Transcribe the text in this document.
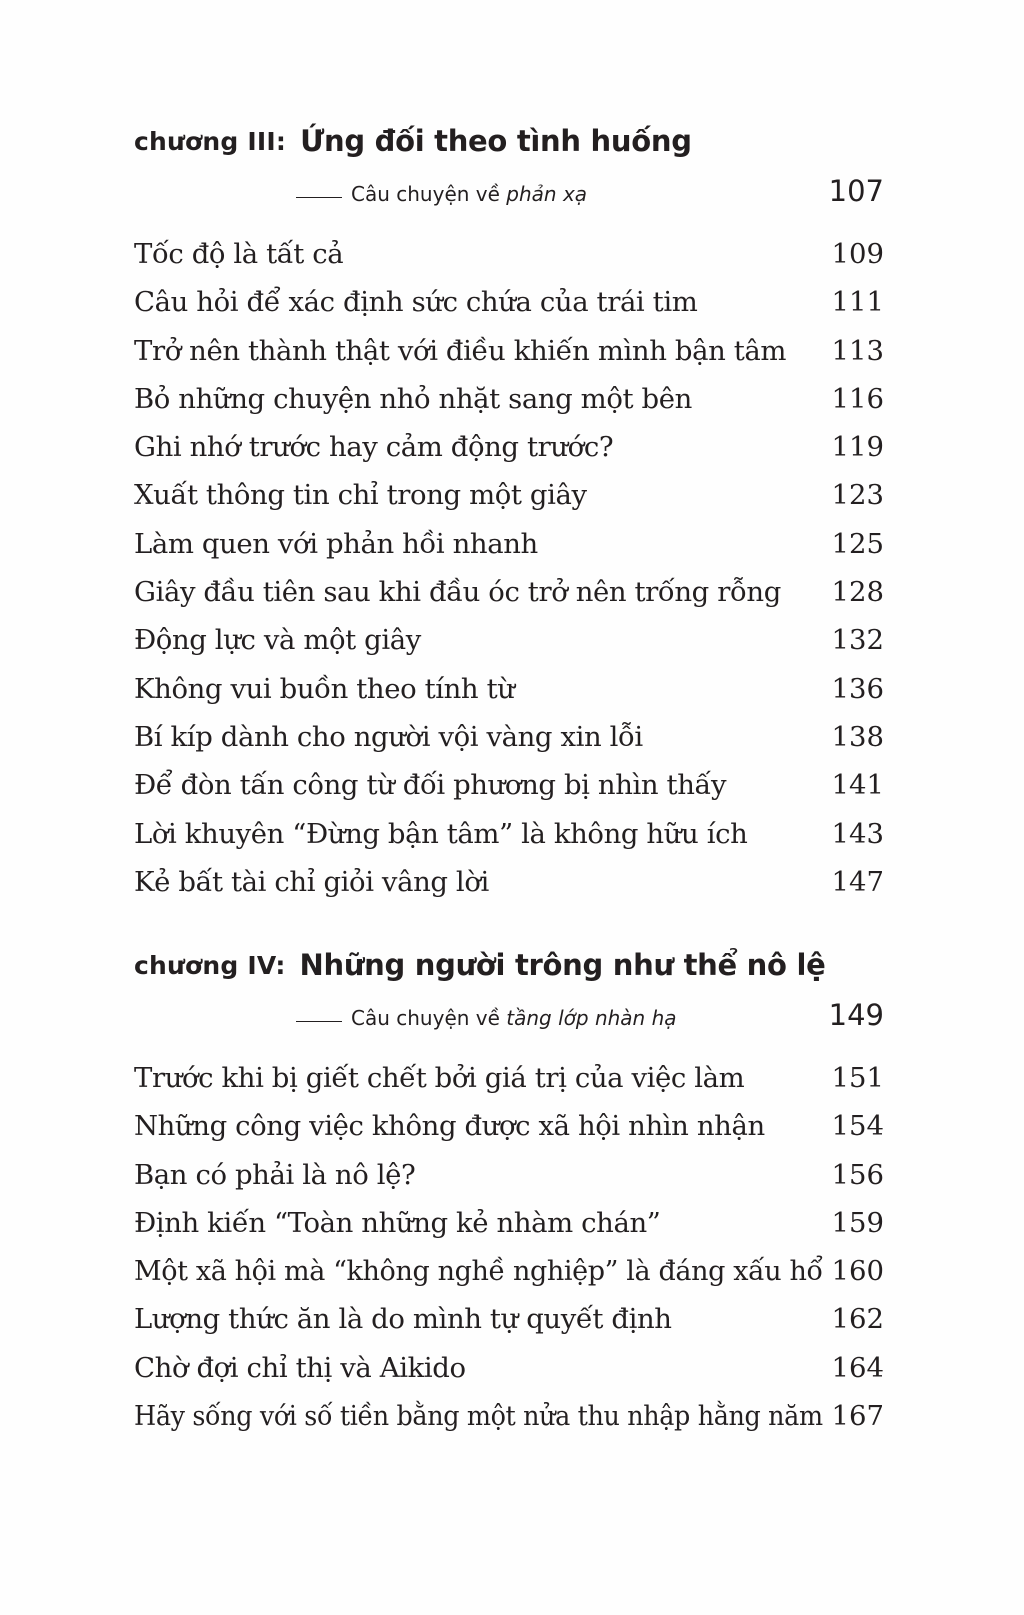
chương III: Ứng đối theo tình huống
Câu chuyện về phản xạ	107
Tốc độ là tất cả	109
Câu hỏi để xác định sức chứa của trái tim	111
Trở nên thành thật với điều khiến mình bận tâm 113
Bỏ những chuyện nhỏ nhặt sang một bên	116
Ghi nhớ trước hay cảm động trước?	119
Xuất thông tin chỉ trong một giây	123
Làm quen với phản hồi nhanh	125
Giây đầu tiên sau khi đầu óc trở nên trống rỗng 128
Động lực và một giây	132
Không vui buồn theo tính từ	136
Bí kíp dành cho người vội vàng xin lỗi	138
Để đòn tấn công từ đối phương bị nhìn thấy	141
Lời khuyên “Đừng bận tâm” là không hữu ích	143
Kẻ bất tài chỉ giỏi vâng lời	147
chương IV: Những người trông như thể nô lệ
Câu chuyện về tầng lớp nhàn hạ	149
Trước khi bị giết chết bởi giá trị của việc làm	151
Những công việc không được xã hội nhìn nhận 154
Bạn có phải là nô lệ?	156
Định kiến “Toàn những kẻ nhàm chán”	159
Một xã hội mà “không nghề nghiệp” là đáng xấu hổ 160
Lượng thức ăn là do mình tự quyết định	162
Chờ đợi chỉ thị và Aikido	164
Hãy sống với số tiền bằng một nửa thu nhập hằng năm 167
